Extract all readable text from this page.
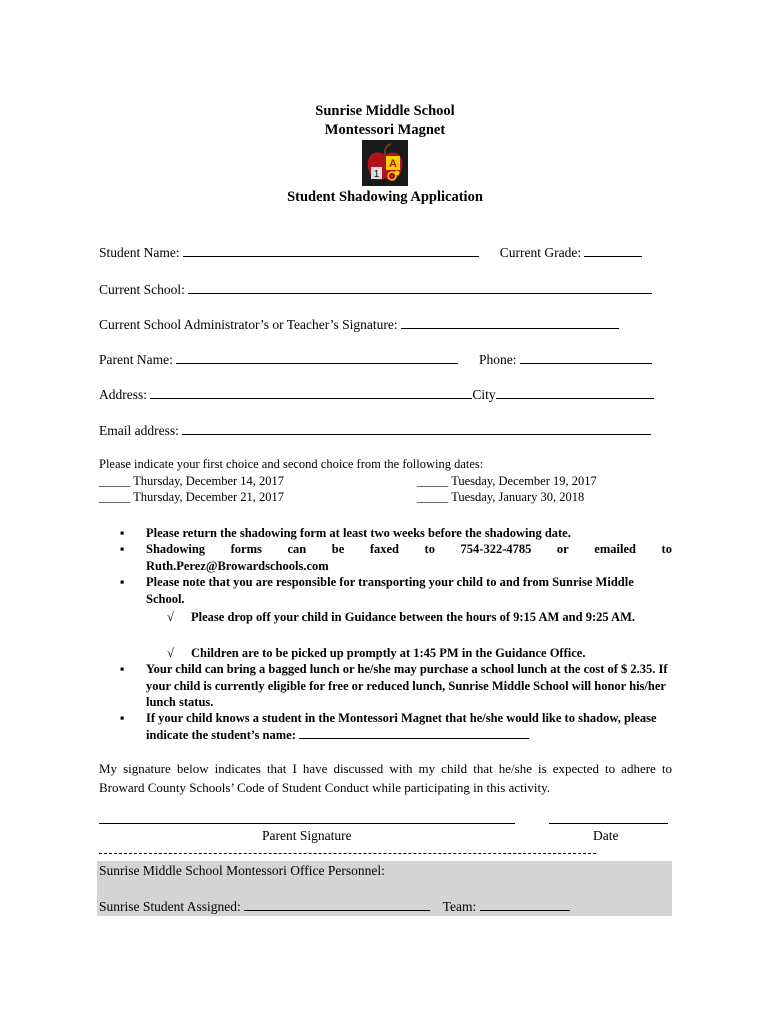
Sunrise Middle School
Montessori Magnet
A
1
Student Shadowing Application
Student Name:	Current Grade:
Current School:
Current School Administrator’s or Teacher’s Signature:
Parent Name:	Phone:
Address:	City
Email address:
Please indicate your first choice and second choice from the following dates:
_____ Thursday, December 14, 2017	_____ Tuesday, December 19, 2017
_____ Thursday, December 21, 2017	_____ Tuesday, January 30, 2018
▪ Please return the shadowing form at least two weeks before the shadowing date.
▪ Shadowing forms can be faxed to 754-322-4785 or emailed to
Ruth.Perez@Browardschools.com
▪ Please note that you are responsible for transporting your child to and from Sunrise Middle School.
√ Please drop off your child in Guidance between the hours of 9:15 AM and 9:25 AM.
√ Children are to be picked up promptly at 1:45 PM in the Guidance Office.
▪ Your child can bring a bagged lunch or he/she may purchase a school lunch at the cost of $ 2.35. If your child is currently eligible for free or reduced lunch, Sunrise Middle School will honor his/her lunch status.
▪ If your child knows a student in the Montessori Magnet that he/she would like to shadow, please indicate the student’s name:
My signature below indicates that I have discussed with my child that he/she is expected to adhere to Broward County Schools’ Code of Student Conduct while participating in this activity.
Parent Signature	Date
Sunrise Middle School Montessori Office Personnel:
Sunrise Student Assigned:	Team:
